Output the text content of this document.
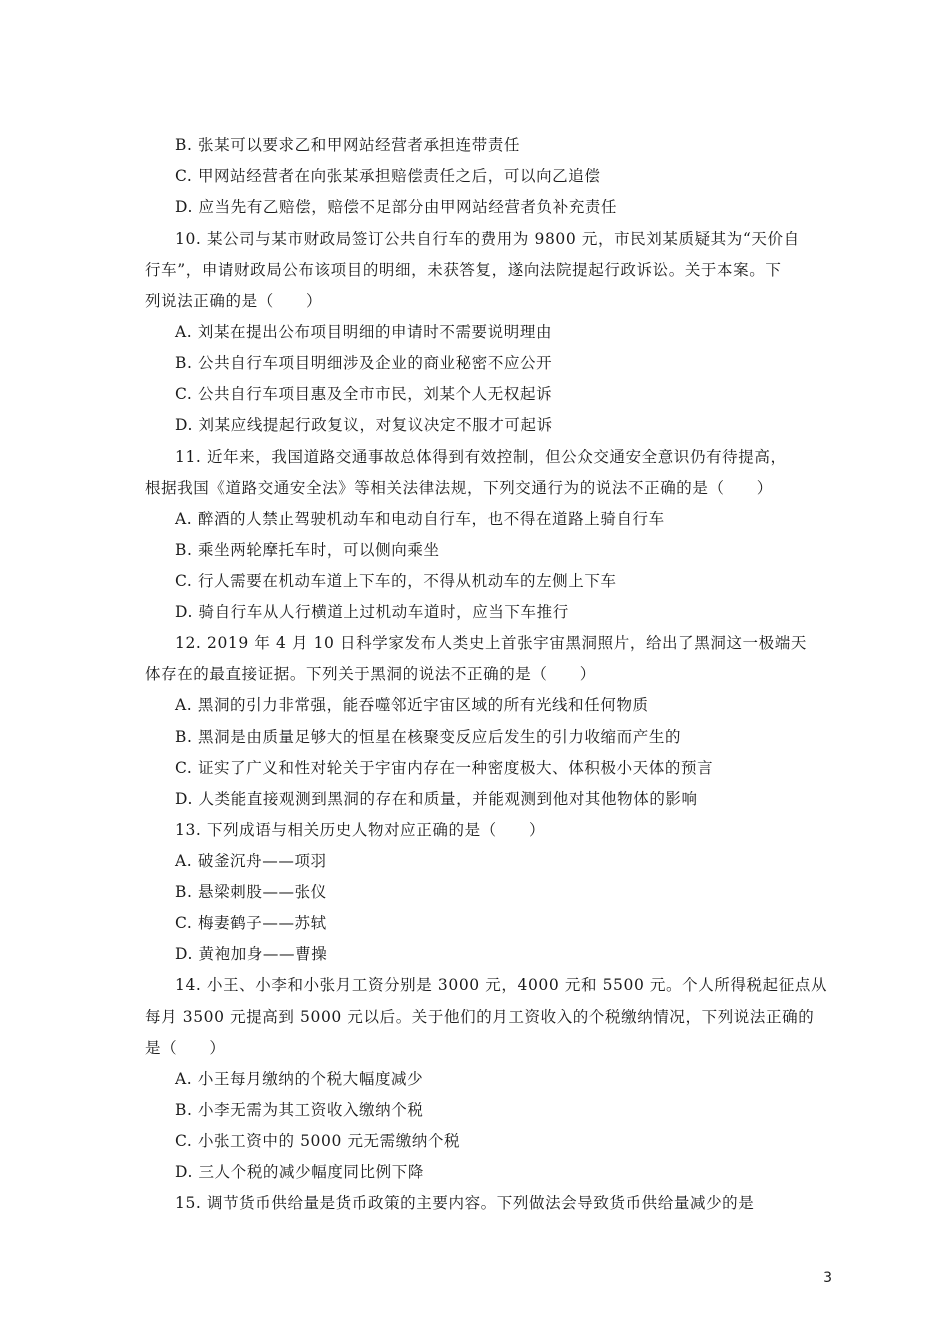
B. 张某可以要求乙和甲网站经营者承担连带责任
C. 甲网站经营者在向张某承担赔偿责任之后，可以向乙追偿
D. 应当先有乙赔偿，赔偿不足部分由甲网站经营者负补充责任
10. 某公司与某市财政局签订公共自行车的费用为 9800 元，市民刘某质疑其为“天价自
行车”，申请财政局公布该项目的明细，未获答复，遂向法院提起行政诉讼。关于本案。下
列说法正确的是（　　）
A. 刘某在提出公布项目明细的申请时不需要说明理由
B. 公共自行车项目明细涉及企业的商业秘密不应公开
C. 公共自行车项目惠及全市市民，刘某个人无权起诉
D. 刘某应线提起行政复议，对复议决定不服才可起诉
11. 近年来，我国道路交通事故总体得到有效控制，但公众交通安全意识仍有待提高，
根据我国《道路交通安全法》等相关法律法规，下列交通行为的说法不正确的是（　　）
A. 醉酒的人禁止驾驶机动车和电动自行车，也不得在道路上骑自行车
B. 乘坐两轮摩托车时，可以侧向乘坐
C. 行人需要在机动车道上下车的，不得从机动车的左侧上下车
D. 骑自行车从人行横道上过机动车道时，应当下车推行
12. 2019 年 4 月 10 日科学家发布人类史上首张宇宙黑洞照片，给出了黑洞这一极端天
体存在的最直接证据。下列关于黑洞的说法不正确的是（　　）
A. 黑洞的引力非常强，能吞噬邻近宇宙区域的所有光线和任何物质
B. 黑洞是由质量足够大的恒星在核聚变反应后发生的引力收缩而产生的
C. 证实了广义和性对轮关于宇宙内存在一种密度极大、体积极小天体的预言
D. 人类能直接观测到黑洞的存在和质量，并能观测到他对其他物体的影响
13. 下列成语与相关历史人物对应正确的是（　　）
A. 破釜沉舟——项羽
B. 悬梁刺股——张仪
C. 梅妻鹤子——苏轼
D. 黄袍加身——曹操
14. 小王、小李和小张月工资分别是 3000 元，4000 元和 5500 元。个人所得税起征点从
每月 3500 元提高到 5000 元以后。关于他们的月工资收入的个税缴纳情况，下列说法正确的
是（　　）
A. 小王每月缴纳的个税大幅度减少
B. 小李无需为其工资收入缴纳个税
C. 小张工资中的 5000 元无需缴纳个税
D. 三人个税的减少幅度同比例下降
15. 调节货币供给量是货币政策的主要内容。下列做法会导致货币供给量减少的是
3
